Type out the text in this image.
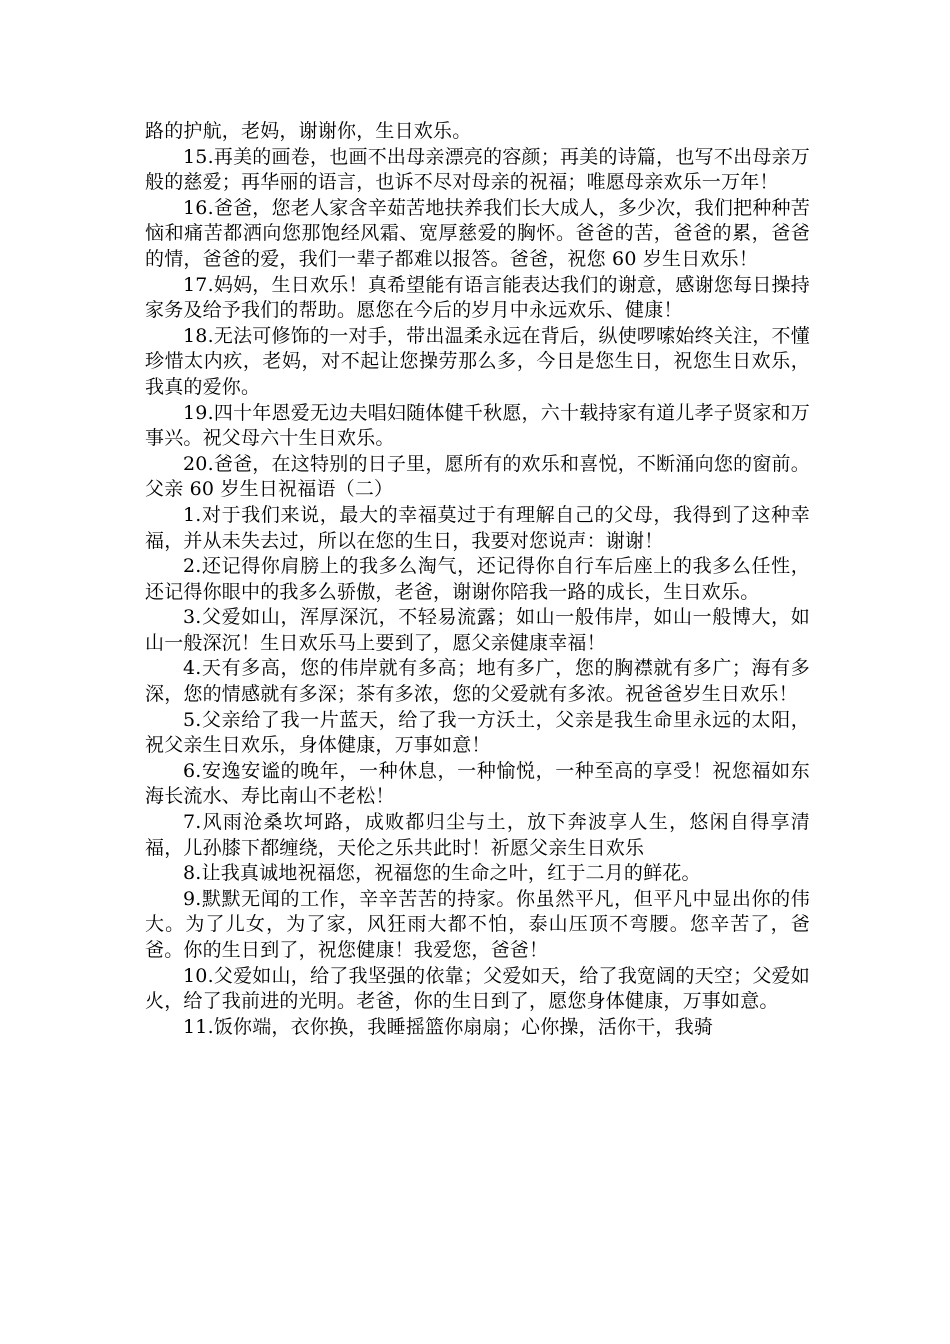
路的护航，老妈，谢谢你，生日欢乐。

15.再美的画卷，也画不出母亲漂亮的容颜；再美的诗篇，也写不出母亲万般的慈爱；再华丽的语言，也诉不尽对母亲的祝福；唯愿母亲欢乐一万年！

16.爸爸，您老人家含辛茹苦地扶养我们长大成人，多少次，我们把种种苦恼和痛苦都洒向您那饱经风霜、宽厚慈爱的胸怀。爸爸的苦，爸爸的累，爸爸的情，爸爸的爱，我们一辈子都难以报答。爸爸，祝您 60 岁生日欢乐！

17.妈妈，生日欢乐！真希望能有语言能表达我们的谢意，感谢您每日操持家务及给予我们的帮助。愿您在今后的岁月中永远欢乐、健康！

18.无法可修饰的一对手，带出温柔永远在背后，纵使啰嗦始终关注，不懂珍惜太内疚，老妈，对不起让您操劳那么多，今日是您生日，祝您生日欢乐，我真的爱你。

19.四十年恩爱无边夫唱妇随体健千秋愿，六十载持家有道儿孝子贤家和万事兴。祝父母六十生日欢乐。

20.爸爸，在这特别的日子里，愿所有的欢乐和喜悦，不断涌向您的窗前。      父亲 60 岁生日祝福语（二）

1.对于我们来说，最大的幸福莫过于有理解自己的父母，我得到了这种幸福，并从未失去过，所以在您的生日，我要对您说声：谢谢！

2.还记得你肩膀上的我多么淘气，还记得你自行车后座上的我多么任性，还记得你眼中的我多么骄傲，老爸，谢谢你陪我一路的成长，生日欢乐。

3.父爱如山，浑厚深沉，不轻易流露；如山一般伟岸，如山一般博大，如山一般深沉！生日欢乐马上要到了，愿父亲健康幸福！

4.天有多高，您的伟岸就有多高；地有多广，您的胸襟就有多广；海有多深，您的情感就有多深；茶有多浓，您的父爱就有多浓。祝爸爸岁生日欢乐！

5.父亲给了我一片蓝天，给了我一方沃土，父亲是我生命里永远的太阳，祝父亲生日欢乐，身体健康，万事如意！

6.安逸安谧的晚年，一种休息，一种愉悦，一种至高的享受！祝您福如东海长流水、寿比南山不老松！

7.风雨沧桑坎坷路，成败都归尘与土，放下奔波享人生，悠闲自得享清福，儿孙膝下都缠绕，天伦之乐共此时！祈愿父亲生日欢乐

8.让我真诚地祝福您，祝福您的生命之叶，红于二月的鲜花。

9.默默无闻的工作，辛辛苦苦的持家。你虽然平凡，但平凡中显出你的伟大。为了儿女，为了家，风狂雨大都不怕，泰山压顶不弯腰。您辛苦了，爸爸。你的生日到了，祝您健康！我爱您，爸爸！

10.父爱如山，给了我坚强的依靠；父爱如天，给了我宽阔的天空；父爱如火，给了我前进的光明。老爸，你的生日到了，愿您身体健康，万事如意。

11.饭你端，衣你换，我睡摇篮你扇扇；心你操，活你干，我骑
